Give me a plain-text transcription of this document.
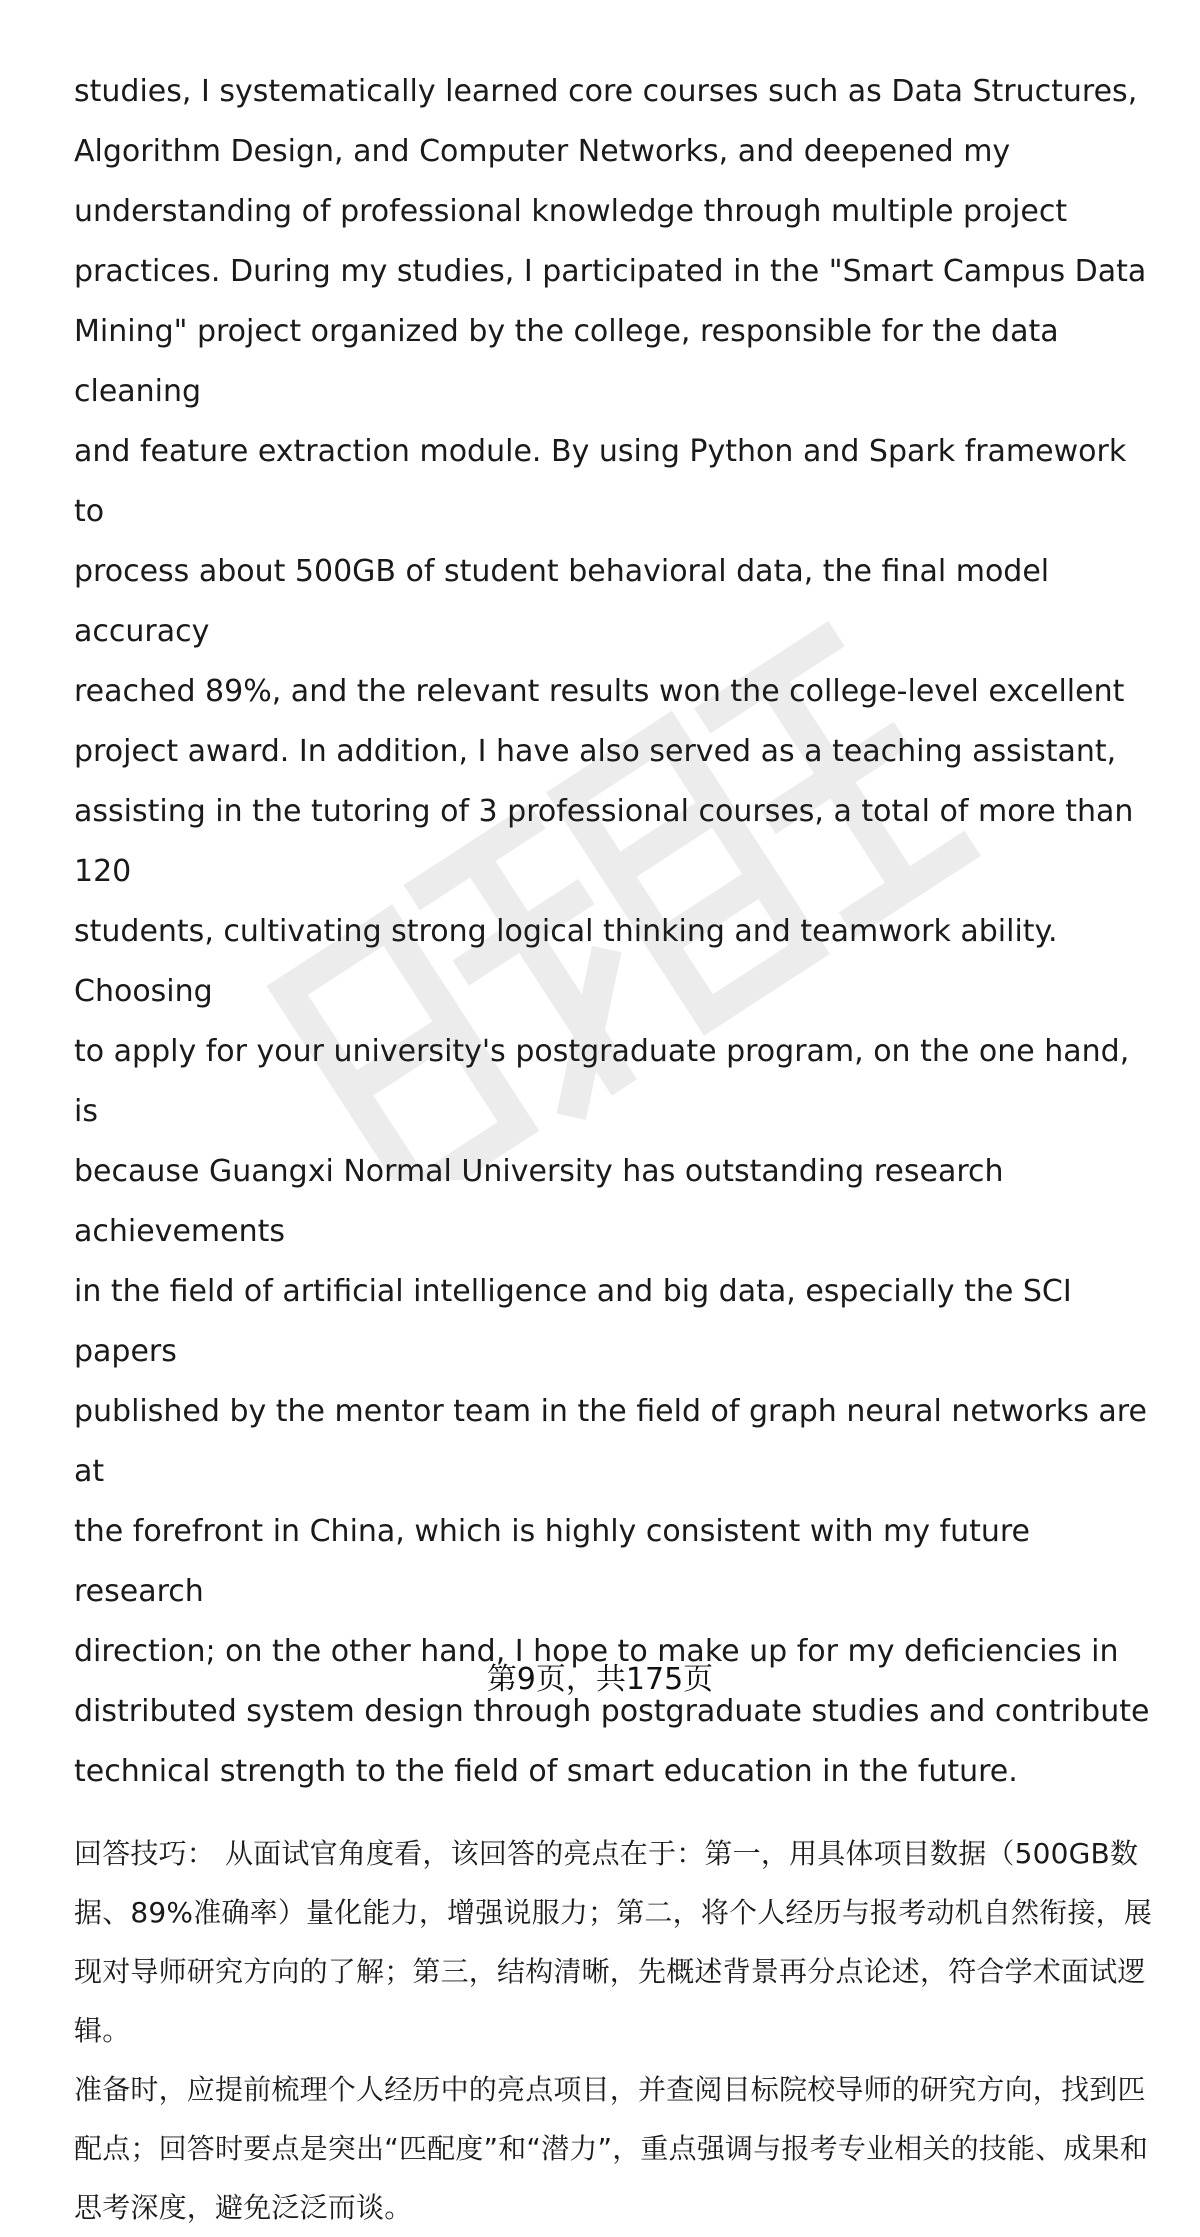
studies, I systematically learned core courses such as Data Structures,
Algorithm Design, and Computer Networks, and deepened my
understanding of professional knowledge through multiple project
practices. During my studies, I participated in the "Smart Campus Data
Mining" project organized by the college, responsible for the data cleaning
and feature extraction module. By using Python and Spark framework to
process about 500GB of student behavioral data, the final model accuracy
reached 89%, and the relevant results won the college-level excellent
project award. In addition, I have also served as a teaching assistant,
assisting in the tutoring of 3 professional courses, a total of more than 120
students, cultivating strong logical thinking and teamwork ability. Choosing
to apply for your university's postgraduate program, on the one hand, is
because Guangxi Normal University has outstanding research achievements
in the field of artificial intelligence and big data, especially the SCI papers
published by the mentor team in the field of graph neural networks are at
the forefront in China, which is highly consistent with my future research
direction; on the other hand, I hope to make up for my deficiencies in
distributed system design through postgraduate studies and contribute
technical strength to the field of smart education in the future.

回答技巧： 从面试官角度看，该回答的亮点在于：第一，用具体项目数据（500GB数据、89%准确率）量化能力，增强说服力；第二，将个人经历与报考动机自然衔接，展现对导师研究方向的了解；第三，结构清晰，先概述背景再分点论述，符合学术面试逻辑。

准备时，应提前梳理个人经历中的亮点项目，并查阅目标院校导师的研究方向，找到匹配点；回答时要点是突出“匹配度”和“潜力”，重点强调与报考专业相关的技能、成果和思考深度，避免泛泛而谈。

第9页，共175页
